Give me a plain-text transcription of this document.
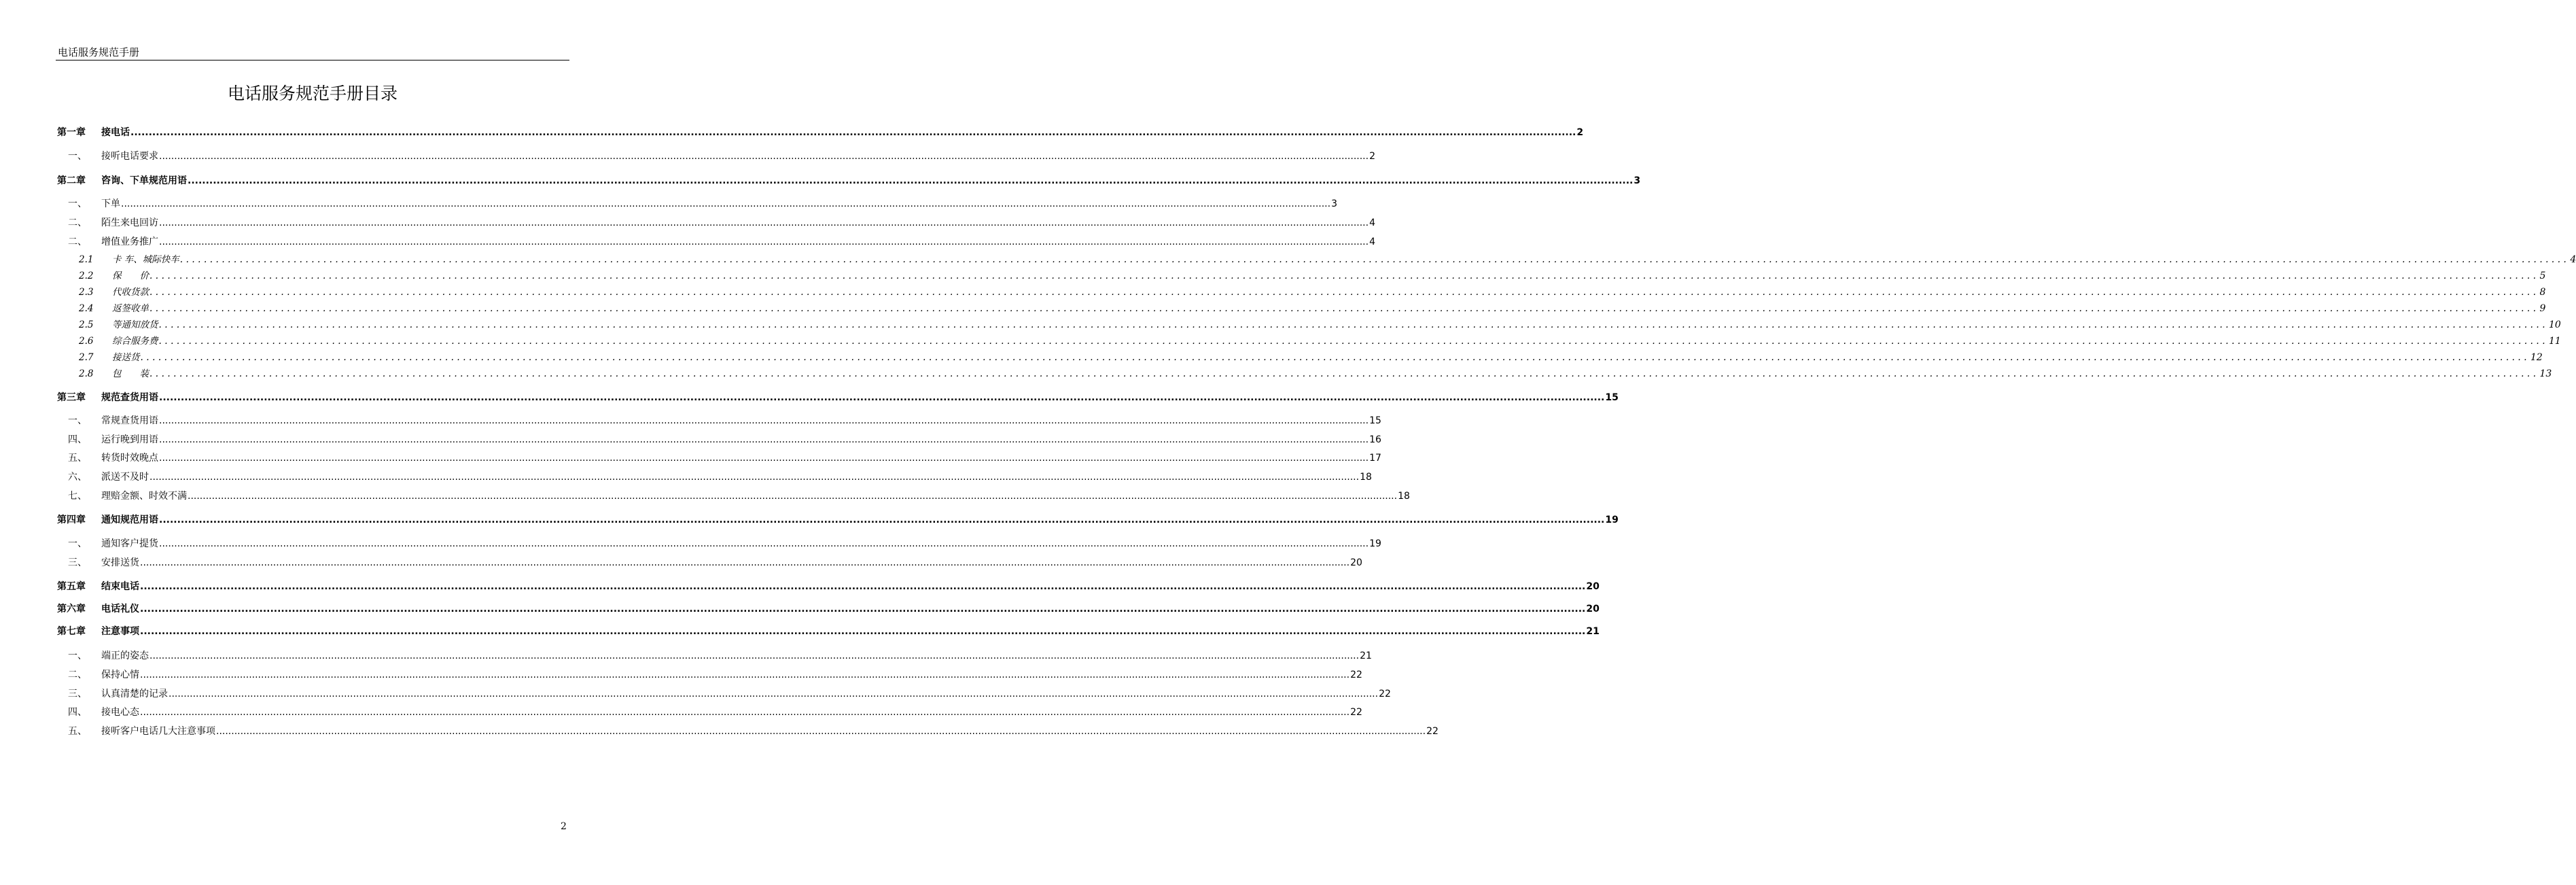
电话服务规范手册
电话服务规范手册目录
第一章	接电话 ................................................................................................................................................................................................................................................................................................................................................................................................................ 2
一、	接听电话要求 ................................................................................................................................................................................................................................................................................................................................................................................................................ 2
第二章	咨询、下单规范用语 ................................................................................................................................................................................................................................................................................................................................................................................................................ 3
一、	下单 ................................................................................................................................................................................................................................................................................................................................................................................................................ 3
二、	陌生来电回访 ................................................................................................................................................................................................................................................................................................................................................................................................................ 4
二、	增值业务推广 ................................................................................................................................................................................................................................................................................................................................................................................................................ 4
2.1	卡 车、城际快车 ................................................................................................................................................................................................................................................................................................................................................................................................................ 4
2.2	保　　价 ................................................................................................................................................................................................................................................................................................................................................................................................................ 5
2.3	代收货款 ................................................................................................................................................................................................................................................................................................................................................................................................................ 8
2.4	返签收单 ................................................................................................................................................................................................................................................................................................................................................................................................................ 9
2.5	等通知放货 ................................................................................................................................................................................................................................................................................................................................................................................................................ 10
2.6	综合服务费 ................................................................................................................................................................................................................................................................................................................................................................................................................ 11
2.7	接送货 ................................................................................................................................................................................................................................................................................................................................................................................................................ 12
2.8	包　　装 ................................................................................................................................................................................................................................................................................................................................................................................................................ 13
第三章	规范查货用语 ................................................................................................................................................................................................................................................................................................................................................................................................................ 15
一、	常规查货用语 ................................................................................................................................................................................................................................................................................................................................................................................................................ 15
四、	运行晚到用语 ................................................................................................................................................................................................................................................................................................................................................................................................................ 16
五、	转货时效晚点 ................................................................................................................................................................................................................................................................................................................................................................................................................ 17
六、	派送不及时 ................................................................................................................................................................................................................................................................................................................................................................................................................ 18
七、	理赔金额、时效不满 ................................................................................................................................................................................................................................................................................................................................................................................................................ 18
第四章	通知规范用语 ................................................................................................................................................................................................................................................................................................................................................................................................................ 19
一、	通知客户提货 ................................................................................................................................................................................................................................................................................................................................................................................................................ 19
三、	安排送货 ................................................................................................................................................................................................................................................................................................................................................................................................................ 20
第五章	结束电话 ................................................................................................................................................................................................................................................................................................................................................................................................................ 20
第六章	电话礼仪 ................................................................................................................................................................................................................................................................................................................................................................................................................ 20
第七章	注意事项 ................................................................................................................................................................................................................................................................................................................................................................................................................ 21
一、	端正的姿态 ................................................................................................................................................................................................................................................................................................................................................................................................................ 21
二、	保持心情 ................................................................................................................................................................................................................................................................................................................................................................................................................ 22
三、	认真清楚的记录 ................................................................................................................................................................................................................................................................................................................................................................................................................ 22
四、	接电心态 ................................................................................................................................................................................................................................................................................................................................................................................................................ 22
五、	接听客户电话几大注意事项 ................................................................................................................................................................................................................................................................................................................................................................................................................ 22
2
